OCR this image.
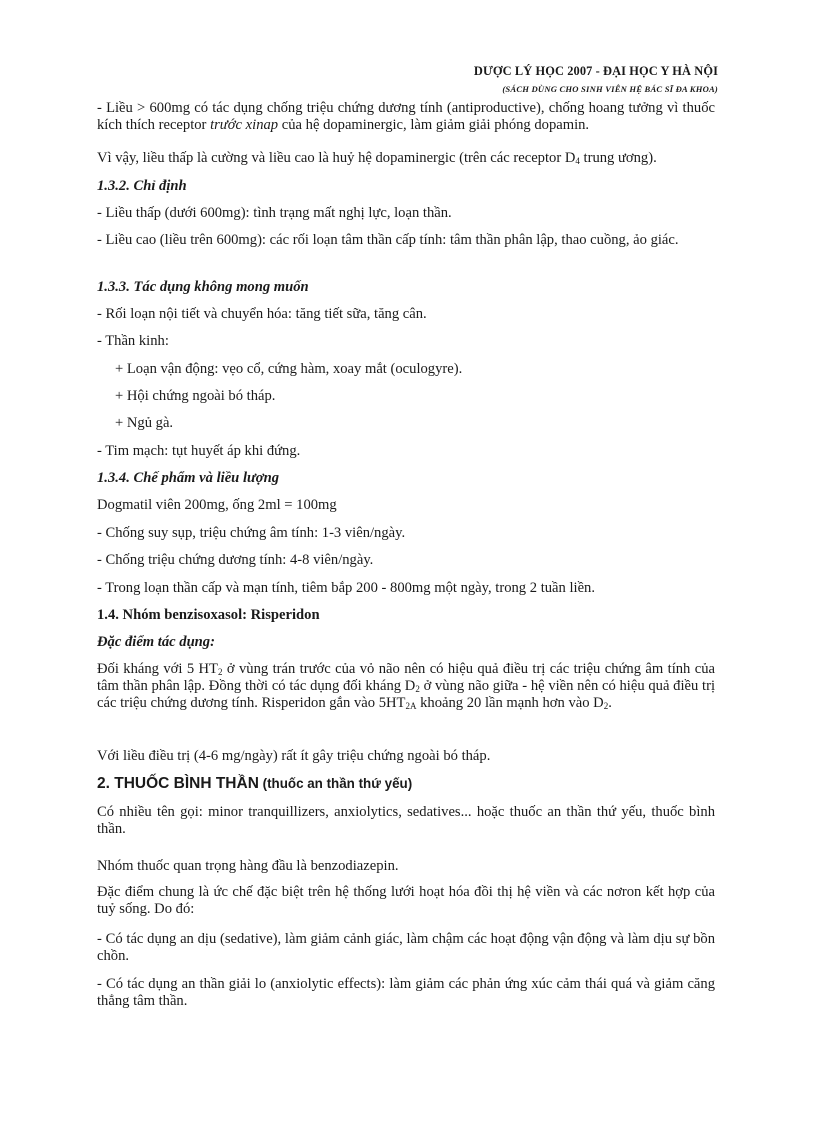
DƯỢC LÝ HỌC 2007 - ĐẠI HỌC Y HÀ NỘI
(SÁCH DÙNG CHO SINH VIÊN HỆ BÁC SĨ ĐA KHOA)

- Liều > 600mg có tác dụng chống triệu chứng dương tính (antiproductive), chống hoang tưởng vì thuốc kích thích receptor trước xinap của hệ dopaminergic, làm giảm giải phóng dopamin.

Vì vậy, liều thấp là cường và liều cao là huỷ hệ dopaminergic (trên các receptor $D_4$ trung ương).

1.3.2. Chỉ định

- Liều thấp (dưới 600mg): tình trạng mất nghị lực, loạn thần.

- Liều cao (liều trên 600mg): các rối loạn tâm thần cấp tính: tâm thần phân lập, thao cuồng, ảo giác.

1.3.3. Tác dụng không mong muốn

- Rối loạn nội tiết và chuyển hóa: tăng tiết sữa, tăng cân.

- Thần kinh:

+ Loạn vận động: vẹo cổ, cứng hàm, xoay mắt (oculogyre).

+ Hội chứng ngoài bó tháp.

+ Ngủ gà.

- Tim mạch: tụt huyết áp khi đứng.

1.3.4. Chế phẩm và liều lượng

Dogmatil viên 200mg, ống 2ml = 100mg

- Chống suy sụp, triệu chứng âm tính: 1-3 viên/ngày.

- Chống triệu chứng dương tính: 4-8 viên/ngày.

- Trong loạn thần cấp và mạn tính, tiêm bắp 200 - 800mg một ngày, trong 2 tuần liền.

1.4. Nhóm benzisoxasol: Risperidon

Đặc điểm tác dụng:

Đối kháng với 5 $HT_2$ ở vùng trán trước của vỏ não nên có hiệu quả điều trị các triệu chứng âm tính của tâm thần phân lập. Đồng thời có tác dụng đối kháng $D_2$ ở vùng não giữa - hệ viền nên có hiệu quả điều trị các triệu chứng dương tính. Risperidon gắn vào $5HT_{2A}$ khoảng 20 lần mạnh hơn vào $D_2$.

Với liều điều trị (4-6 mg/ngày) rất ít gây triệu chứng ngoài bó tháp.

2. THUỐC BÌNH THẦN (thuốc an thần thứ yếu)

Có nhiều tên gọi: minor tranquillizers, anxiolytics, sedatives... hoặc thuốc an thần thứ yếu, thuốc bình thần.

Nhóm thuốc quan trọng hàng đầu là benzodiazepin.

Đặc điểm chung là ức chế đặc biệt trên hệ thống lưới hoạt hóa đồi thị hệ viền và các nơron kết hợp của tuỷ sống. Do đó:

- Có tác dụng an dịu (sedative), làm giảm cảnh giác, làm chậm các hoạt động vận động và làm dịu sự bồn chồn.

- Có tác dụng an thần giải lo (anxiolytic effects): làm giảm các phản ứng xúc cảm thái quá và giảm căng thẳng tâm thần.
